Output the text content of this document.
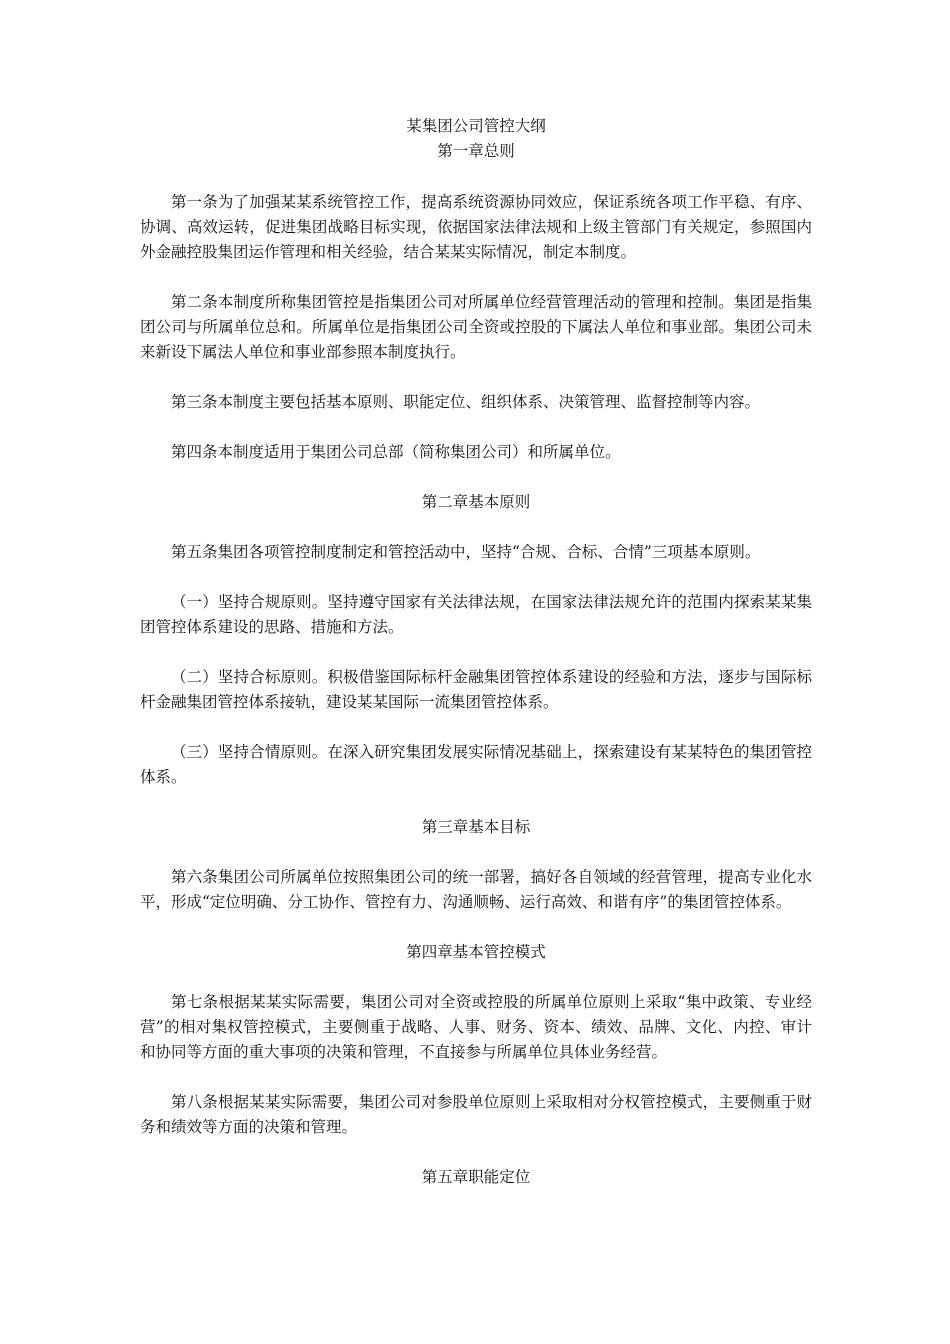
某集团公司管控大纲

第一章总则

第一条为了加强某某系统管控工作，提高系统资源协同效应，保证系统各项工作平稳、有序、协调、高效运转，促进集团战略目标实现，依据国家法律法规和上级主管部门有关规定，参照国内外金融控股集团运作管理和相关经验，结合某某实际情况，制定本制度。

第二条本制度所称集团管控是指集团公司对所属单位经营管理活动的管理和控制。集团是指集团公司与所属单位总和。所属单位是指集团公司全资或控股的下属法人单位和事业部。集团公司未来新设下属法人单位和事业部参照本制度执行。

第三条本制度主要包括基本原则、职能定位、组织体系、决策管理、监督控制等内容。

第四条本制度适用于集团公司总部（简称集团公司）和所属单位。

第二章基本原则

第五条集团各项管控制度制定和管控活动中，坚持“合规、合标、合情”三项基本原则。

（一）坚持合规原则。坚持遵守国家有关法律法规，在国家法律法规允许的范围内探索某某集团管控体系建设的思路、措施和方法。

（二）坚持合标原则。积极借鉴国际标杆金融集团管控体系建设的经验和方法，逐步与国际标杆金融集团管控体系接轨，建设某某国际一流集团管控体系。

（三）坚持合情原则。在深入研究集团发展实际情况基础上，探索建设有某某特色的集团管控体系。

第三章基本目标

第六条集团公司所属单位按照集团公司的统一部署，搞好各自领域的经营管理，提高专业化水平，形成“定位明确、分工协作、管控有力、沟通顺畅、运行高效、和谐有序”的集团管控体系。

第四章基本管控模式

第七条根据某某实际需要，集团公司对全资或控股的所属单位原则上采取“集中政策、专业经营”的相对集权管控模式，主要侧重于战略、人事、财务、资本、绩效、品牌、文化、内控、审计和协同等方面的重大事项的决策和管理，不直接参与所属单位具体业务经营。

第八条根据某某实际需要，集团公司对参股单位原则上采取相对分权管控模式，主要侧重于财务和绩效等方面的决策和管理。

第五章职能定位
